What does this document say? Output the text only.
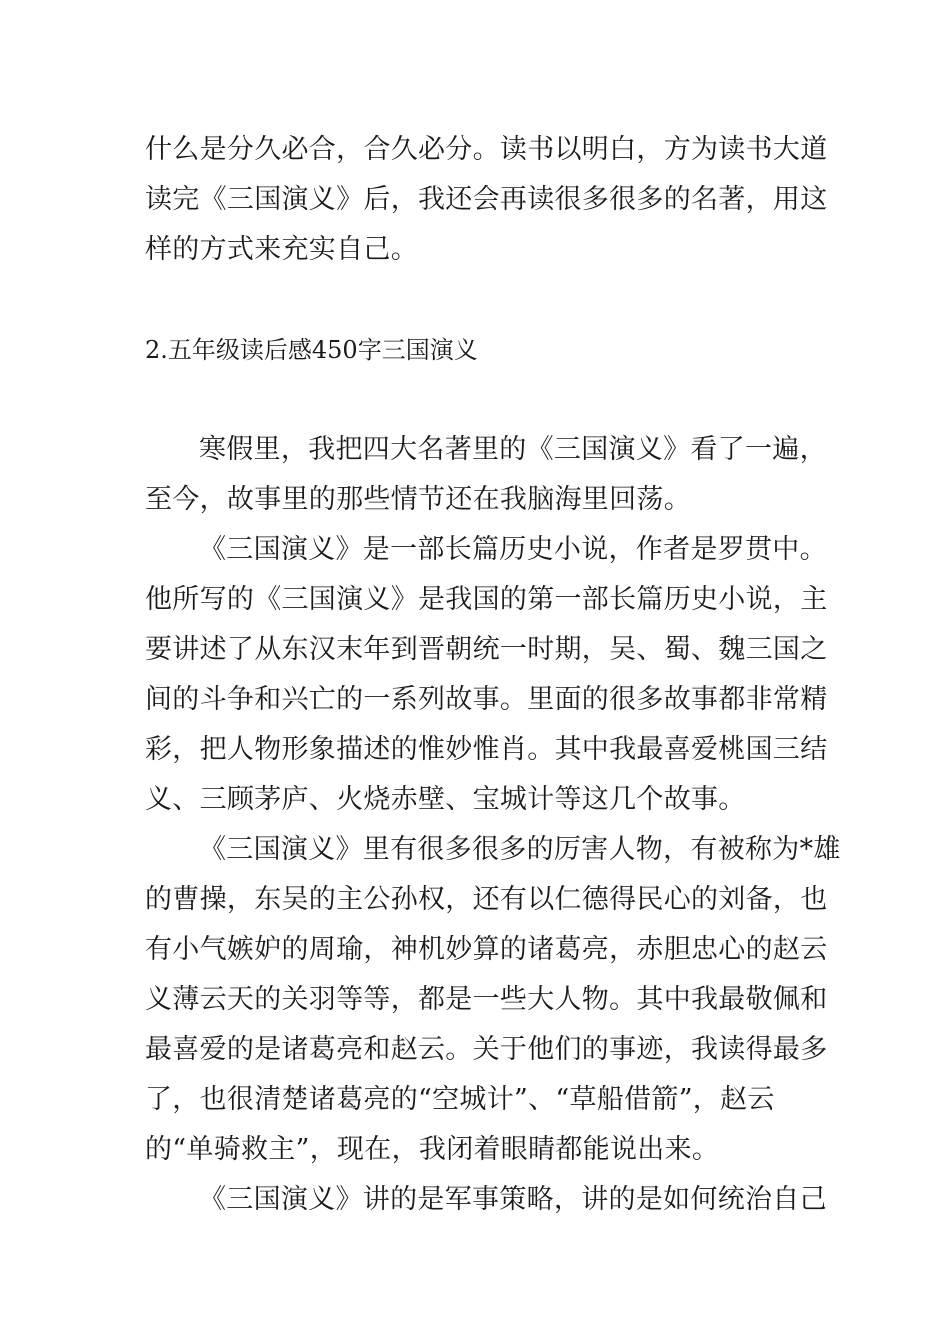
什么是分久必合，合久必分。读书以明白，方为读书大道
读完《三国演义》后，我还会再读很多很多的名著，用这
样的方式来充实自己。
2.五年级读后感450字三国演义
寒假里，我把四大名著里的《三国演义》看了一遍，
至今，故事里的那些情节还在我脑海里回荡。
《三国演义》是一部长篇历史小说，作者是罗贯中。
他所写的《三国演义》是我国的第一部长篇历史小说，主
要讲述了从东汉末年到晋朝统一时期，吴、蜀、魏三国之
间的斗争和兴亡的一系列故事。里面的很多故事都非常精
彩，把人物形象描述的惟妙惟肖。其中我最喜爱桃国三结
义、三顾茅庐、火烧赤壁、宝城计等这几个故事。
《三国演义》里有很多很多的厉害人物，有被称为*雄
的曹操，东吴的主公孙权，还有以仁德得民心的刘备，也
有小气嫉妒的周瑜，神机妙算的诸葛亮，赤胆忠心的赵云
义薄云天的关羽等等，都是一些大人物。其中我最敬佩和
最喜爱的是诸葛亮和赵云。关于他们的事迹，我读得最多
了，也很清楚诸葛亮的“空城计”、“草船借箭”，赵云
的“单骑救主”，现在，我闭着眼睛都能说出来。
《三国演义》讲的是军事策略，讲的是如何统治自己
